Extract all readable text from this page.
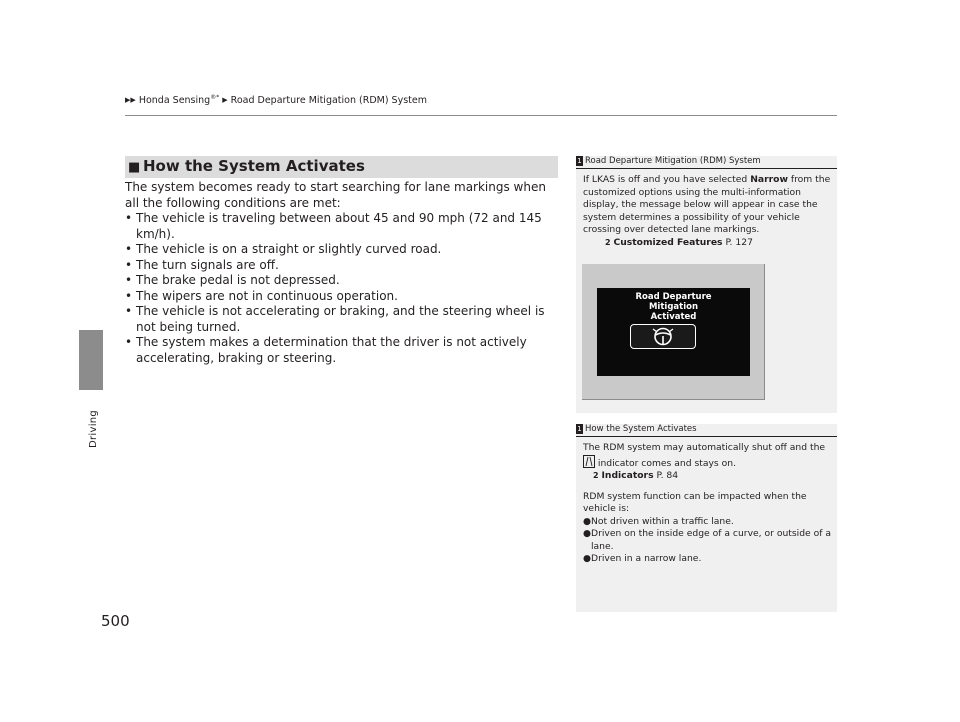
Driving
▶▶ Honda Sensing®* ▶ Road Departure Mitigation (RDM) System
■ How the System Activates

The system becomes ready to start searching for lane markings when all the following conditions are met:

• The vehicle is traveling between about 45 and 90 mph (72 and 145 km/h).
• The vehicle is on a straight or slightly curved road.
• The turn signals are off.
• The brake pedal is not depressed.
• The wipers are not in continuous operation.
• The vehicle is not accelerating or braking, and the steering wheel is not being turned.
• The system makes a determination that the driver is not actively accelerating, braking or steering.
1 Road Departure Mitigation (RDM) System
If LKAS is off and you have selected Narrow from the customized options using the multi-information display, the message below will appear in case the system determines a possibility of your vehicle crossing over detected lane markings.
2 Customized Features P. 127
Road Departure
Mitigation
Activated
1 How the System Activates
The RDM system may automatically shut off and the
indicator comes and stays on.
2 Indicators P. 84
RDM system function can be impacted when the vehicle is:
● Not driven within a traffic lane.
● Driven on the inside edge of a curve, or outside of a lane.
● Driven in a narrow lane.
500
